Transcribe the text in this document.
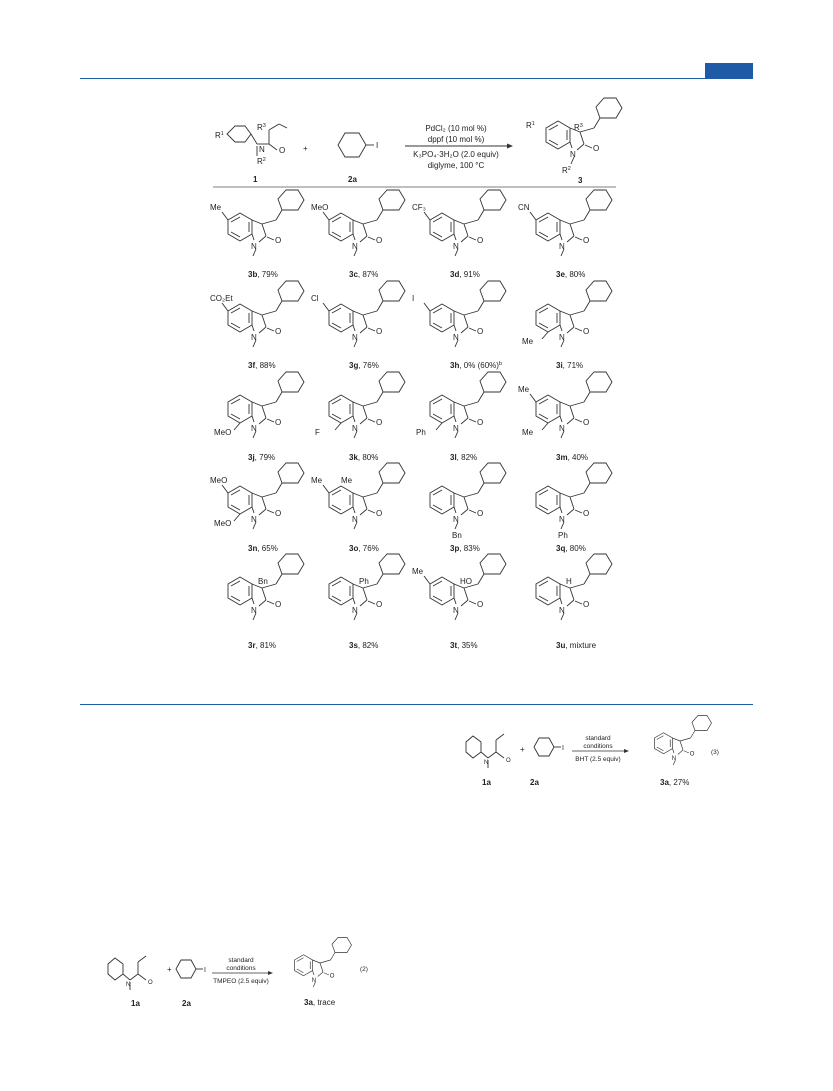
$R^1$
$R^3$
N O
$R^2$
1
+	I
2a
PdCl₂ (10 mol %)
dppf (10 mol %)
K₃PO₄·3H₂O (2.0 equiv)
diglyme, 100 °C
$R^1$	$R^3$
N
O
$R^2$
3
N
O
Me
3b, 79%
N
O
MeO
3c, 87%
N
O
CF₃
3d, 91%
N
O
CN
3e, 80%
N
O
CO₂Et
3f, 88%
N
O
Cl
3g, 76%
N
O
I
3h, 0% $(60\%)^b$
N
O
Me
3i, 71%
N
O
MeO
3j, 79%
N
O
F
3k, 80%
N
O
Ph
3l, 82%
N
O
Me
Me
3m, 40%
N
O
MeO
MeO
3n, 65%
N
O
Me Me
3o, 76%
N
O
Bn
3p, 83%
N
O
Ph
3q, 80%
N
O
Bn
3r, 81%
N
O
Ph
3s, 82%
N
O
Me
HO
3t, 35%
N
O
H
3u, mixture
N	O
1a
+	I
2a
standard
conditions
BHT (2.5 equiv)	N
O
3a, 27%
(3)
N	O
1a
+	I
2a
standard
conditions
TMPEO (2.5 equiv)	N
O
3a, trace
(2)
